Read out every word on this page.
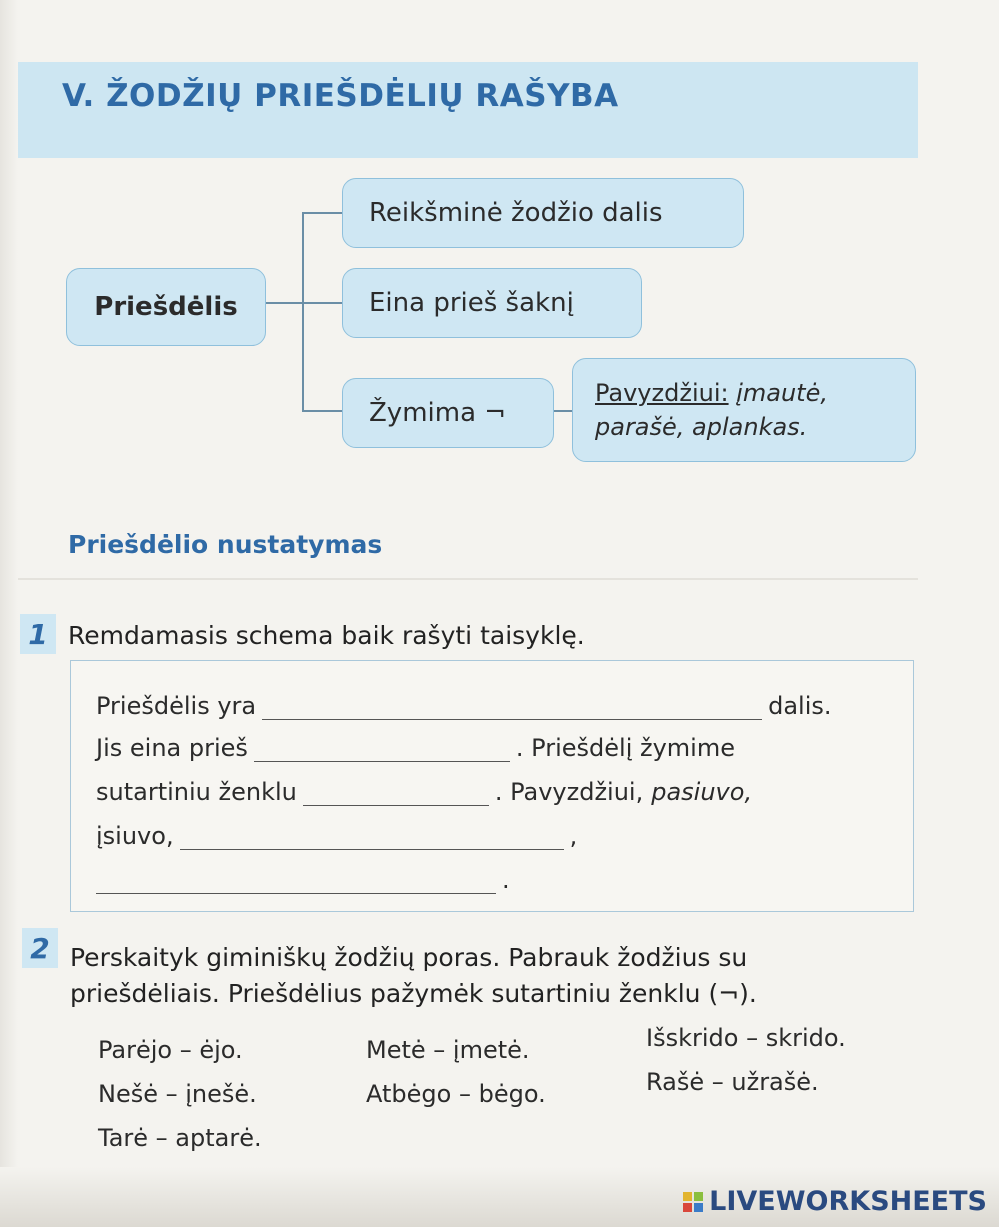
V. ŽODŽIŲ PRIEŠDĖLIŲ RAŠYBA
Priešdėlis
Reikšminė žodžio dalis
Eina prieš šaknį
Žymima ¬
Pavyzdžiui: įmautė,
parašė, aplankas.
Priešdėlio nustatymas
1 Remdamasis schema baik rašyti taisyklę.
Priešdėlis yra	dalis.
Jis eina prieš	. Priešdėlį žymime
sutartiniu ženklu	. Pavyzdžiui, pasiuvo,
įsiuvo,	,
.
2 Perskaityk giminiškų žodžių poras. Pabrauk žodžius su
priešdėliais. Priešdėlius pažymėk sutartiniu ženklu (¬).
Parėjo – ėjo.	Metė – įmetė.	Išskrido – skrido.
Nešė – įnešė.	Atbėgo – bėgo.	Rašė – užrašė.
Tarė – aptarė.
LIVEWORKSHEETS
